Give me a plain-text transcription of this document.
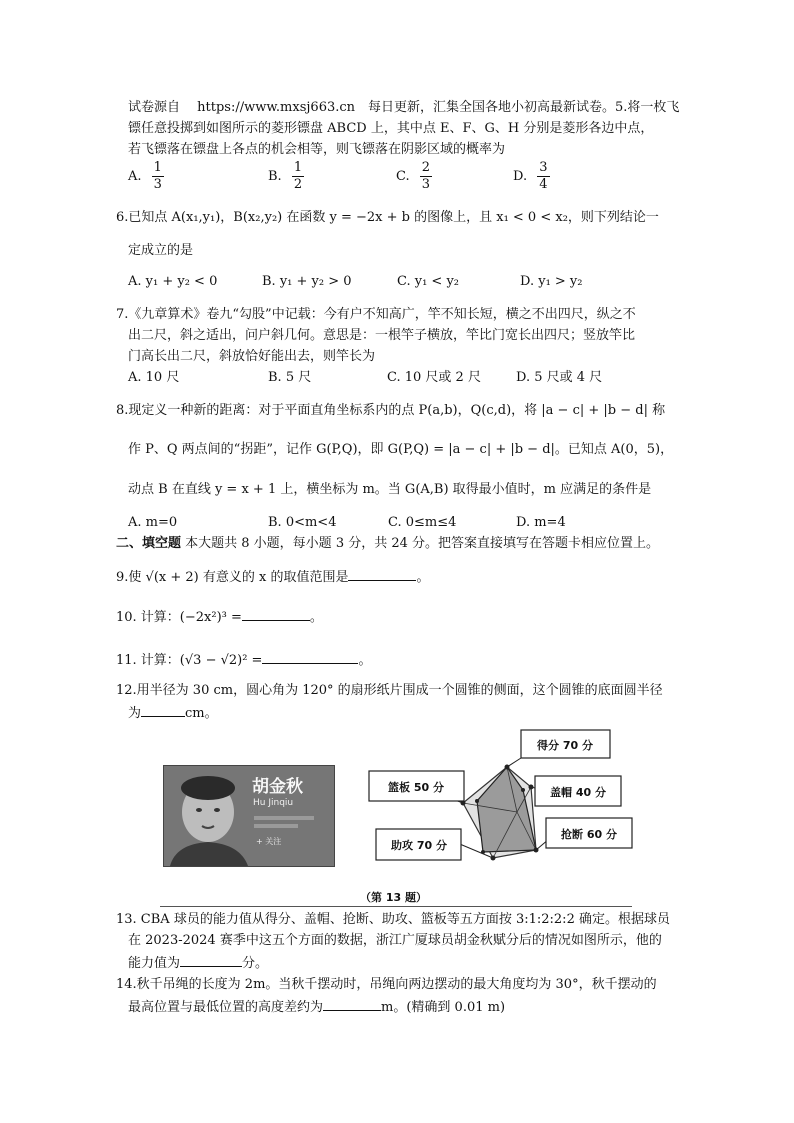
试卷源自　 https://www.mxsj663.cn　每日更新，汇集全国各地小初高最新试卷。5.将一枚飞
镖任意投掷到如图所示的菱形镖盘 ABCD 上，其中点 E、F、G、H 分别是菱形各边中点，
若飞镖落在镖盘上各点的机会相等，则飞镖落在阴影区域的概率为
A. $\frac{1}{3}$	B. $\frac{1}{2}$	C. $\frac{2}{3}$	D. $\frac{3}{4}$
6.已知点 A(x₁,y₁)，B(x₂,y₂) 在函数 y = −2x + b 的图像上，且 x₁ < 0 < x₂，则下列结论一
定成立的是
A. y₁ + y₂ < 0	B. y₁ + y₂ > 0	C. y₁ < y₂	D. y₁ > y₂
7.《九章算术》卷九“勾股”中记载：今有户不知高广，竿不知长短，横之不出四尺，纵之不
出二尺，斜之适出，问户斜几何。意思是：一根竿子横放，竿比门宽长出四尺；竖放竿比
门高长出二尺，斜放恰好能出去，则竿长为
A. 10 尺	B. 5 尺	C. 10 尺或 2 尺	D. 5 尺或 4 尺
8.现定义一种新的距离：对于平面直角坐标系内的点 P(a,b)，Q(c,d)，将 |a − c| + |b − d| 称
作 P、Q 两点间的“拐距”，记作 G(P,Q)，即 G(P,Q) = |a − c| + |b − d|。已知点 A(0，5)，
动点 B 在直线 y = x + 1 上，横坐标为 m。当 G(A,B) 取得最小值时，m 应满足的条件是
A. m=0	B. 0<m<4	C. 0≤m≤4	D. m=4
二、填空题 本大题共 8 小题，每小题 3 分，共 24 分。把答案直接填写在答题卡相应位置上。
9.使 √(x + 2) 有意义的 x 的取值范围是	。
10. 计算：(−2x²)³ =	。
11. 计算：(√3 − √2)² =	。
12.用半径为 30 cm，圆心角为 120° 的扇形纸片围成一个圆锥的侧面，这个圆锥的底面圆半径
为	cm。
胡金秋
Hu Jinqiu
+ 关注
得分 70 分
篮板 50 分	盖帽 40 分
抢断 60 分
助攻 70 分
（第 13 题）
13. CBA 球员的能力值从得分、盖帽、抢断、助攻、篮板等五方面按 3:1:2:2:2 确定。根据球员
在 2023-2024 赛季中这五个方面的数据，浙江广厦球员胡金秋赋分后的情况如图所示，他的
能力值为	分。
14.秋千吊绳的长度为 2m。当秋千摆动时，吊绳向两边摆动的最大角度均为 30°，秋千摆动的
最高位置与最低位置的高度差约为	m。(精确到 0.01 m)
